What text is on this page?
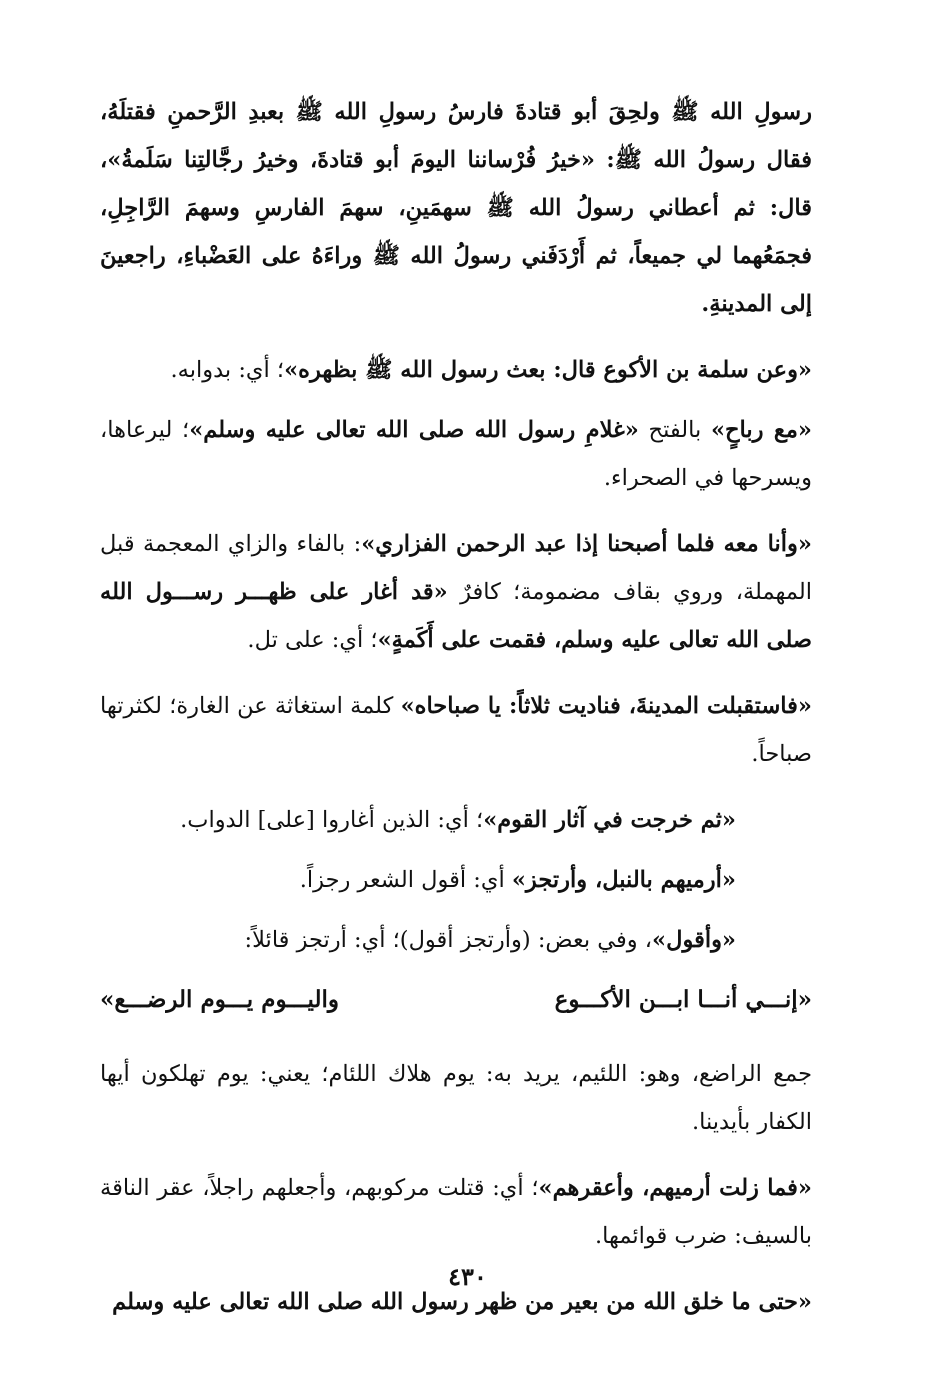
رسولِ الله ﷺ ولحِقَ أبو قتادةَ فارسُ رسولِ الله ﷺ بعبدِ الرَّحمنِ فقتلَهُ، فقال رسولُ الله ﷺ: «خيرُ فُرْساننا اليومَ أبو قتادةَ، وخيرُ رجَّالتِنا سَلَمةُ»، قال: ثم أعطاني رسولُ الله ﷺ سهمَينِ، سهمَ الفارسِ وسهمَ الرَّاجِلِ، فجمَعُهما لي جميعاً، ثم أَرْدَفَني رسولُ الله ﷺ وراءَهُ على العَضْباءِ، راجعينَ إلى المدينةِ.

«وعن سلمة بن الأكوع قال: بعث رسول الله ﷺ بظهره»؛ أي: بدوابه.

«مع رباحٍ» بالفتح «غلامِ رسول الله صلى الله تعالى عليه وسلم»؛ ليرعاها، ويسرحها في الصحراء.

«وأنا معه فلما أصبحنا إذا عبد الرحمن الفزاري»: بالفاء والزاي المعجمة قبل المهملة، وروي بقاف مضمومة؛ كافرٌ «قد أغار على ظهـــر رســـول الله صلى الله تعالى عليه وسلم، فقمت على أَكَمةٍ»؛ أي: على تل.

«فاستقبلت المدينةَ، فناديت ثلاثاً: يا صباحاه» كلمة استغاثة عن الغارة؛ لكثرتها صباحاً.

«ثم خرجت في آثار القوم»؛ أي: الذين أغاروا [على] الدواب.

«أرميهم بالنبل، وأرتجز» أي: أقول الشعر رجزاً.

«وأقول»، وفي بعض: (وأرتجز أقول)؛ أي: أرتجز قائلاً:

«إنـــي أنـــا ابـــن الأكـــوع
واليـــوم يـــوم الرضـــع»

جمع الراضع، وهو: اللئيم، يريد به: يوم هلاك اللئام؛ يعني: يوم تهلكون أيها الكفار بأيدينا.

«فما زلت أرميهم، وأعقرهم»؛ أي: قتلت مركوبهم، وأجعلهم راجلاً، عقر الناقة بالسيف: ضرب قوائمها.

«حتى ما خلق الله من بعير من ظهر رسول الله صلى الله تعالى عليه وسلم

٤٣٠
